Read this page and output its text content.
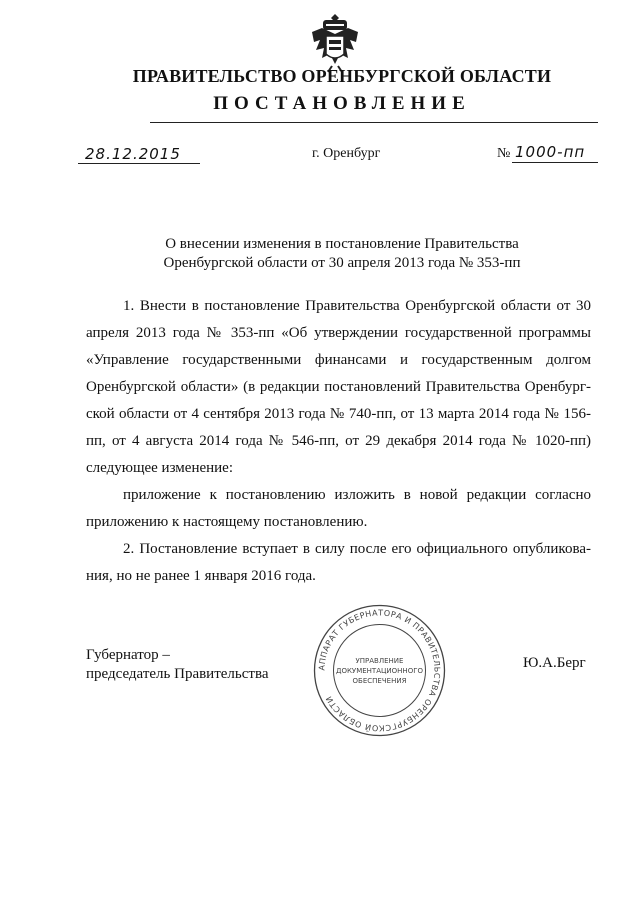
ПРАВИТЕЛЬСТВО ОРЕНБУРГСКОЙ ОБЛАСТИ
ПОСТАНОВЛЕНИЕ
28.12.2015	г. Оренбург	№ 1000-пп
О внесении изменения в постановление Правительства
Оренбургской области от 30 апреля 2013 года № 353-пп

1. Внести в постановление Правительства Оренбургской области от 30 апреля 2013 года № 353-пп «Об утверждении государственной программы «Управление государственными финансами и государственным долгом Оренбургской области» (в редакции постановлений Правительства Оренбургской области от 4 сентября 2013 года № 740-пп, от 13 марта 2014 года № 156-пп, от 4 августа 2014 года № 546-пп, от 29 декабря 2014 года № 1020-пп) следующее изменение:

приложение к постановлению изложить в новой редакции согласно приложению к настоящему постановлению.

2. Постановление вступает в силу после его официального опубликования, но не ранее 1 января 2016 года.

Губернатор –
председатель Правительства	АППАРАТ ГУБЕРНАТОРА И ПРАВИТЕЛЬСТВА ОРЕНБУРГСКОЙ ОБЛАСТИ
УПРАВЛЕНИЕ
ДОКУМЕНТАЦИОННОГО
ОБЕСПЕЧЕНИЯ
Ю.А.Берг
